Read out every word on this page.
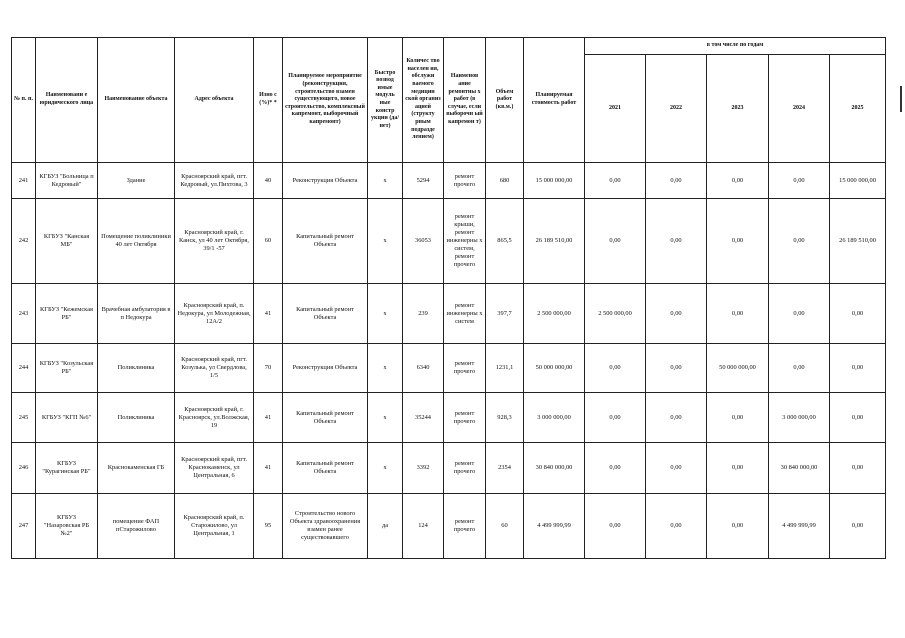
№ п. п.	Наименовани е юридического лица	Наименование объекта	Адрес объекта	Изно с (%)* *	Планируемое мероприятие (реконструкция, строительство взамен существующего, новое строительство, комплексный капремонт, выборочный капремонт)	Быстро возвод имые модуль ные констр укции (да/нет)	Количес тво населен ия, обслужи ваемого медицин ской организ ацией (структу рным подразде лением)	Наименов ание ремонтны х работ (в случае, если выборочн ый капремон т)	Объем работ (кв.м.)	Планируемая стоимость работ	в том числе по годам				
											2021	2022	2023	2024	2025
241	КГБУЗ "Больница п Кедровый"	Здание	Красноярский край, пгт. Кедровый, ул.Пихтова, 3	40	Реконструкция Объекта	х	5294	ремонт прочего	680	15 000 000,00	0,00	0,00	0,00	0,00	15 000 000,00
242	КГБУЗ "Канская МБ"	Помещение поликлиники 40 лет Октября	Красноярский край, г. Канск, ул 40 лет Октября, 39/1 -57	60	Капитальный ремонт Объекта	х	36053	ремонт крыши, ремонт инженерны х систем, ремонт прочего	865,5	26 189 510,00	0,00	0,00	0,00	0,00	26 189 510,00
243	КГБУЗ "Кежемская РБ"	Врачебная амбулатория в п Недокура	Красноярский край, п. Недокура, ул Молодежная, 12А/2	41	Капитальный ремонт Объекта	х	239	ремонт инженерны х систем	397,7	2 500 000,00	2 500 000,00	0,00	0,00	0,00	0,00
244	КГБУЗ "Козульская РБ"	Поликлиника	Красноярский край, пгт. Козулька, ул Свердлова, 1/5	70	Реконструкция Объекта	х	6340	ремонт прочего	1231,1	50 000 000,00	0,00	0,00	50 000 000,00	0,00	0,00
245	КГБУЗ "КГП №6"	Поликлиника	Красноярский край, г. Красноярск, ул.Волжская, 19	41	Капитальный ремонт Объекта	х	35244	ремонт прочего	928,3	3 000 000,00	0,00	0,00	0,00	3 000 000,00	0,00
246	КГБУЗ "Курагинская РБ"	Краснокаменская ГБ	Красноярский край, пгт. Краснокаменск, ул Центральная, 6	41	Капитальный ремонт Объекта	х	3392	ремонт прочего	2354	30 840 000,00	0,00	0,00	0,00	30 840 000,00	0,00
247	КГБУЗ "Назаровская РБ №2"	помещение ФАП пСтарожилово	Красноярский край, п. Старожилово, ул Центральная, 1	95	Строительство нового Объекта здравоохранения взамен ранее существовавшего	да	124	ремонт прочего	60	4 499 999,99	0,00	0,00	0,00	4 499 999,99	0,00
